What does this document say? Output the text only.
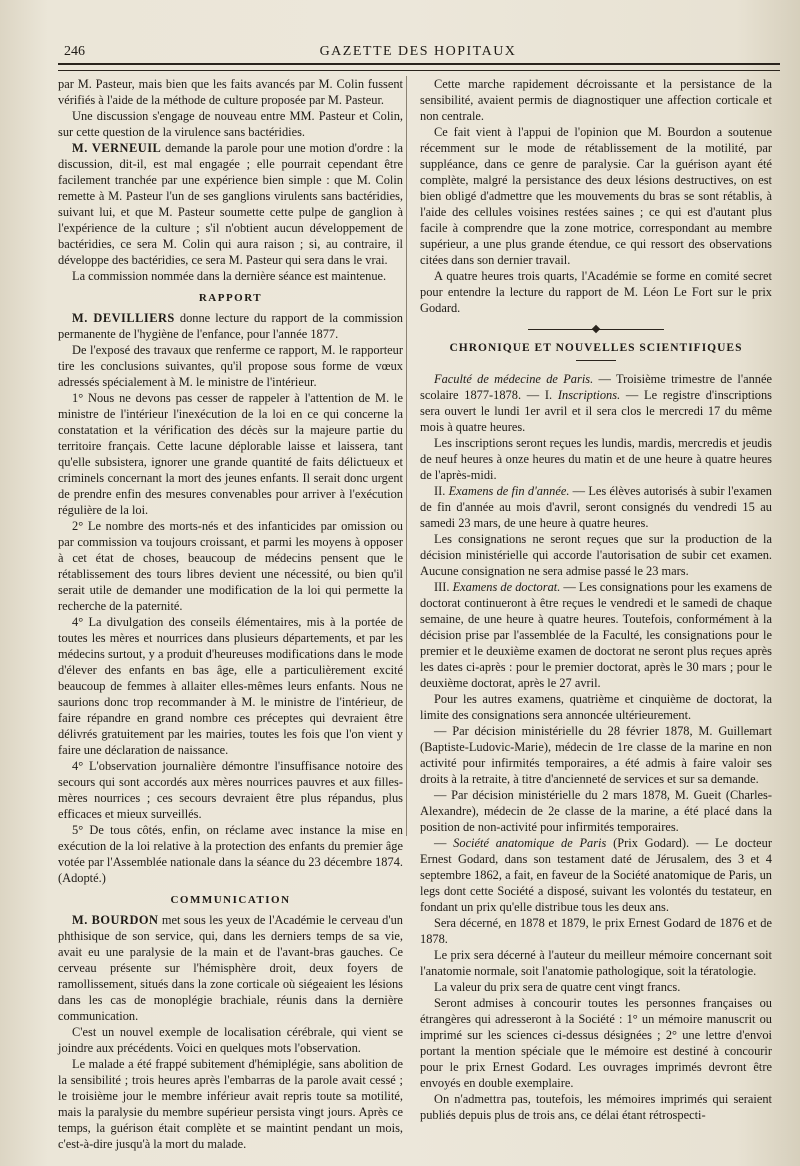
246	GAZETTE DES HOPITAUX

par M. Pasteur, mais bien que les faits avancés par M. Colin fussent vérifiés à l'aide de la méthode de culture proposée par M. Pasteur.

Une discussion s'engage de nouveau entre MM. Pasteur et Colin, sur cette question de la virulence sans bactéridies.

M. VERNEUIL demande la parole pour une motion d'ordre : la discussion, dit-il, est mal engagée ; elle pourrait cependant être facilement tranchée par une expérience bien simple : que M. Colin remette à M. Pasteur l'un de ses ganglions virulents sans bactéridies, suivant lui, et que M. Pasteur soumette cette pulpe de ganglion à l'expérience de la culture ; s'il n'obtient aucun développement de bactéridies, ce sera M. Colin qui aura raison ; si, au contraire, il développe des bactéridies, ce sera M. Pasteur qui sera dans le vrai.

La commission nommée dans la dernière séance est maintenue.

RAPPORT

M. DEVILLIERS donne lecture du rapport de la commission permanente de l'hygiène de l'enfance, pour l'année 1877.

De l'exposé des travaux que renferme ce rapport, M. le rapporteur tire les conclusions suivantes, qu'il propose sous forme de vœux adressés spécialement à M. le ministre de l'intérieur.

1° Nous ne devons pas cesser de rappeler à l'attention de M. le ministre de l'intérieur l'inexécution de la loi en ce qui concerne la constatation et la vérification des décès sur la majeure partie du territoire français. Cette lacune déplorable laisse et laissera, tant qu'elle subsistera, ignorer une grande quantité de faits délictueux et criminels concernant la mort des jeunes enfants. Il serait donc urgent de prendre enfin des mesures convenables pour arriver à l'exécution régulière de la loi.

2° Le nombre des morts-nés et des infanticides par omission ou par commission va toujours croissant, et parmi les moyens à opposer à cet état de choses, beaucoup de médecins pensent que le rétablissement des tours libres devient une nécessité, ou bien qu'il serait utile de demander une modification de la loi qui permette la recherche de la paternité.

4° La divulgation des conseils élémentaires, mis à la portée de toutes les mères et nourrices dans plusieurs départements, et par les médecins surtout, y a produit d'heureuses modifications dans le mode d'élever des enfants en bas âge, elle a particulièrement excité beaucoup de femmes à allaiter elles-mêmes leurs enfants. Nous ne saurions donc trop recommander à M. le ministre de l'intérieur, de faire répandre en grand nombre ces préceptes qui devraient être délivrés gratuitement par les mairies, toutes les fois que l'on vient y faire une déclaration de naissance.

4° L'observation journalière démontre l'insuffisance notoire des secours qui sont accordés aux mères nourrices pauvres et aux filles-mères nourrices ; ces secours devraient être plus répandus, plus efficaces et mieux surveillés.

5° De tous côtés, enfin, on réclame avec instance la mise en exécution de la loi relative à la protection des enfants du premier âge votée par l'Assemblée nationale dans la séance du 23 décembre 1874. (Adopté.)

COMMUNICATION

M. BOURDON met sous les yeux de l'Académie le cerveau d'un phthisique de son service, qui, dans les derniers temps de sa vie, avait eu une paralysie de la main et de l'avant-bras gauches. Ce cerveau présente sur l'hémisphère droit, deux foyers de ramollissement, situés dans la zone corticale où siégeaient les lésions dans les cas de monoplégie brachiale, réunis dans la dernière communication.

C'est un nouvel exemple de localisation cérébrale, qui vient se joindre aux précédents. Voici en quelques mots l'observation.

Le malade a été frappé subitement d'hémiplégie, sans abolition de la sensibilité ; trois heures après l'embarras de la parole avait cessé ; le troisième jour le membre inférieur avait repris toute sa motilité, mais la paralysie du membre supérieur persista vingt jours. Après ce temps, la guérison était complète et se maintint pendant un mois, c'est-à-dire jusqu'à la mort du malade.

Cette marche rapidement décroissante et la persistance de la sensibilité, avaient permis de diagnostiquer une affection corticale et non centrale.

Ce fait vient à l'appui de l'opinion que M. Bourdon a soutenue récemment sur le mode de rétablissement de la motilité, par suppléance, dans ce genre de paralysie. Car la guérison ayant été complète, malgré la persistance des deux lésions destructives, on est bien obligé d'admettre que les mouvements du bras se sont rétablis, à l'aide des cellules voisines restées saines ; ce qui est d'autant plus facile à comprendre que la zone motrice, correspondant au membre supérieur, a une plus grande étendue, ce qui ressort des observations citées dans son dernier travail.

A quatre heures trois quarts, l'Académie se forme en comité secret pour entendre la lecture du rapport de M. Léon Le Fort sur le prix Godard.

CHRONIQUE ET NOUVELLES SCIENTIFIQUES

Faculté de médecine de Paris. — Troisième trimestre de l'année scolaire 1877-1878. — I. Inscriptions. — Le registre d'inscriptions sera ouvert le lundi 1er avril et il sera clos le mercredi 17 du même mois à quatre heures.

Les inscriptions seront reçues les lundis, mardis, mercredis et jeudis de neuf heures à onze heures du matin et de une heure à quatre heures de l'après-midi.

II. Examens de fin d'année. — Les élèves autorisés à subir l'examen de fin d'année au mois d'avril, seront consignés du vendredi 15 au samedi 23 mars, de une heure à quatre heures.

Les consignations ne seront reçues que sur la production de la décision ministérielle qui accorde l'autorisation de subir cet examen. Aucune consignation ne sera admise passé le 23 mars.

III. Examens de doctorat. — Les consignations pour les examens de doctorat continueront à être reçues le vendredi et le samedi de chaque semaine, de une heure à quatre heures. Toutefois, conformément à la décision prise par l'assemblée de la Faculté, les consignations pour le premier et le deuxième examen de doctorat ne seront plus reçues après les dates ci-après : pour le premier doctorat, après le 30 mars ; pour le deuxième doctorat, après le 27 avril.

Pour les autres examens, quatrième et cinquième de doctorat, la limite des consignations sera annoncée ultérieurement.

— Par décision ministérielle du 28 février 1878, M. Guillemart (Baptiste-Ludovic-Marie), médecin de 1re classe de la marine en non activité pour infirmités temporaires, a été admis à faire valoir ses droits à la retraite, à titre d'ancienneté de services et sur sa demande.

— Par décision ministérielle du 2 mars 1878, M. Gueit (Charles-Alexandre), médecin de 2e classe de la marine, a été placé dans la position de non-activité pour infirmités temporaires.

— Société anatomique de Paris (Prix Godard). — Le docteur Ernest Godard, dans son testament daté de Jérusalem, des 3 et 4 septembre 1862, a fait, en faveur de la Société anatomique de Paris, un legs dont cette Société a disposé, suivant les volontés du testateur, en fondant un prix qu'elle distribue tous les deux ans.

Sera décerné, en 1878 et 1879, le prix Ernest Godard de 1876 et de 1878.

Le prix sera décerné à l'auteur du meilleur mémoire concernant soit l'anatomie normale, soit l'anatomie pathologique, soit la tératologie.

La valeur du prix sera de quatre cent vingt francs.

Seront admises à concourir toutes les personnes françaises ou étrangères qui adresseront à la Société : 1° un mémoire manuscrit ou imprimé sur les sciences ci-dessus désignées ; 2° une lettre d'envoi portant la mention spéciale que le mémoire est destiné à concourir pour le prix Ernest Godard. Les ouvrages imprimés devront être envoyés en double exemplaire.

On n'admettra pas, toutefois, les mémoires imprimés qui seraient publiés depuis plus de trois ans, ce délai étant rétrospecti-
